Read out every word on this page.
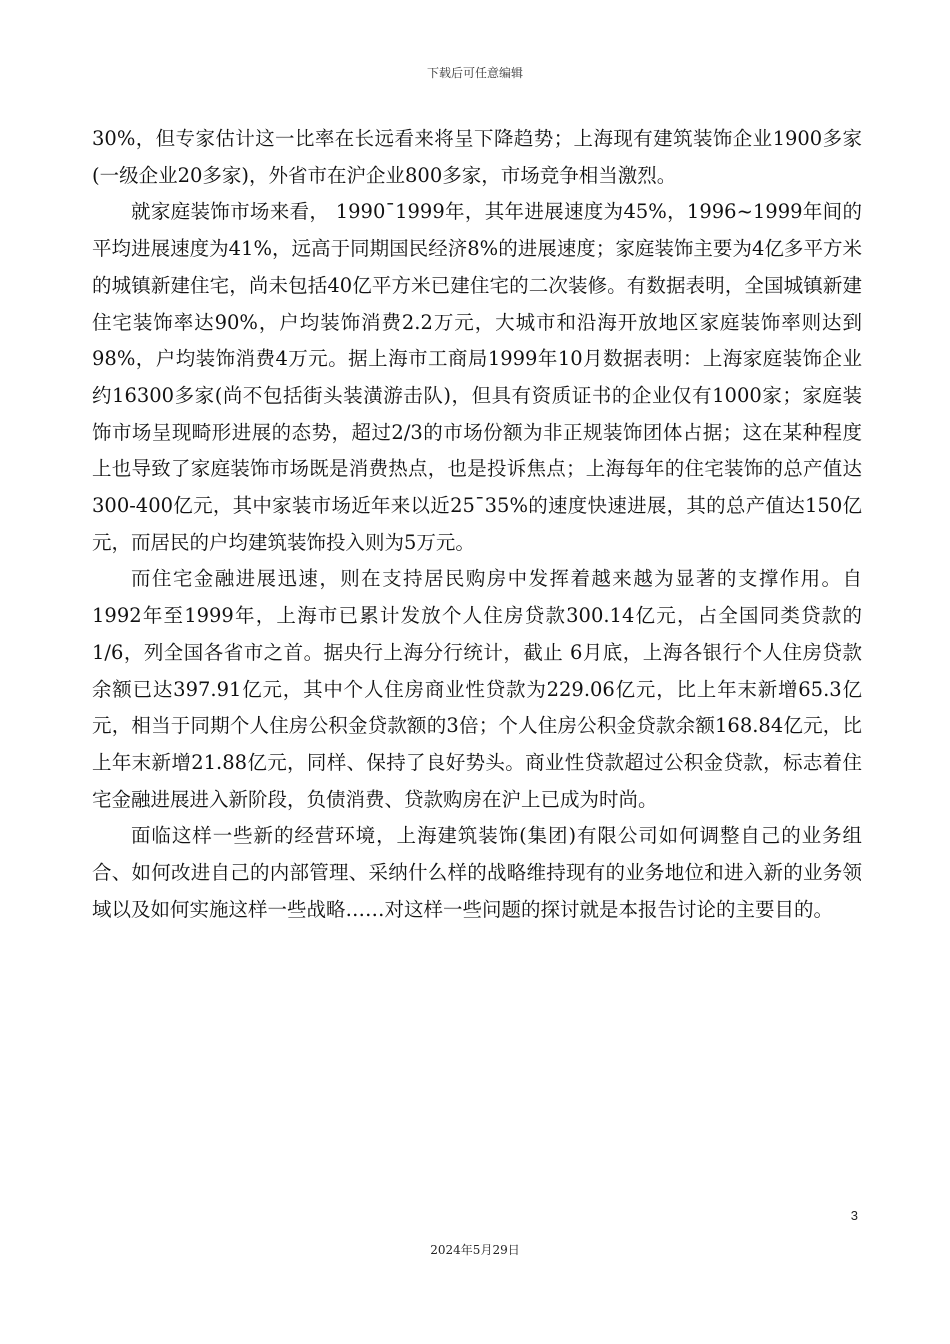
下载后可任意编辑

30%，但专家估计这一比率在长远看来将呈下降趋势；上海现有建筑装饰企业1900多家(一级企业20多家)，外省市在沪企业800多家，市场竞争相当激烈。

就家庭装饰市场来看， 1990¯1999年，其年进展速度为45%，1996~1999年间的平均进展速度为41%，远高于同期国民经济8%的进展速度；家庭装饰主要为4亿多平方米的城镇新建住宅，尚未包括40亿平方米已建住宅的二次装修。有数据表明，全国城镇新建住宅装饰率达90%，户均装饰消费2.2万元，大城市和沿海开放地区家庭装饰率则达到98%，户均装饰消费4万元。据上海市工商局1999年10月数据表明：上海家庭装饰企业约16300多家(尚不包括街头装潢游击队)，但具有资质证书的企业仅有1000家；家庭装饰市场呈现畸形进展的态势，超过2/3的市场份额为非正规装饰团体占据；这在某种程度上也导致了家庭装饰市场既是消费热点，也是投诉焦点；上海每年的住宅装饰的总产值达300-400亿元，其中家装市场近年来以近25¯35%的速度快速进展，其的总产值达150亿元，而居民的户均建筑装饰投入则为5万元。

而住宅金融进展迅速，则在支持居民购房中发挥着越来越为显著的支撑作用。自1992年至1999年，上海市已累计发放个人住房贷款300.14亿元，占全国同类贷款的1/6，列全国各省市之首。据央行上海分行统计，截止 6月底，上海各银行个人住房贷款余额已达397.91亿元，其中个人住房商业性贷款为229.06亿元，比上年末新增65.3亿元，相当于同期个人住房公积金贷款额的3倍；个人住房公积金贷款余额168.84亿元，比上年末新增21.88亿元，同样、保持了良好势头。商业性贷款超过公积金贷款，标志着住宅金融进展进入新阶段，负债消费、贷款购房在沪上已成为时尚。

面临这样一些新的经营环境，上海建筑装饰(集团)有限公司如何调整自己的业务组合、如何改进自己的内部管理、采纳什么样的战略维持现有的业务地位和进入新的业务领域以及如何实施这样一些战略……对这样一些问题的探讨就是本报告讨论的主要目的。

3
2024年5月29日
